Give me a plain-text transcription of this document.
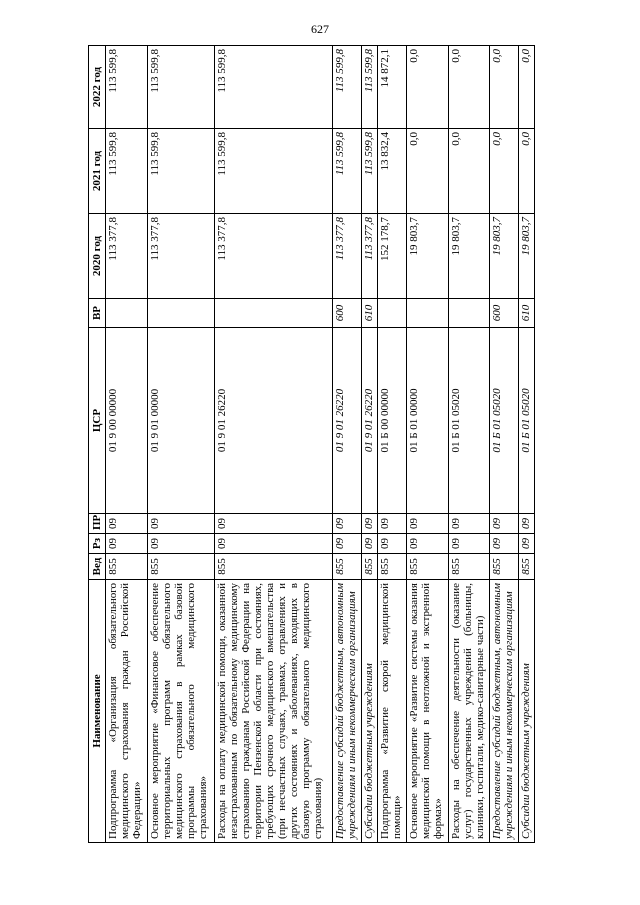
627
Наименование	Вед	Рз	ПР	ЦСР	ВР	2020 год	2021 год	2022 год
Подпрограмма «Организация обязательного медицинского страхования граждан Российской Федерации»	855	09	09	01 9 00 00000		113 377,8	113 599,8	113 599,8
Основное мероприятие «Финансовое обеспечение территориальных программ обязательного медицинского страхования в рамках базовой программы обязательного медицинского страхования»	855	09	09	01 9 01 00000		113 377,8	113 599,8	113 599,8
Расходы на оплату медицинской помощи, оказанной незастрахованным по обязательному медицинскому страхованию гражданам Российской Федерации на территории Пензенской области при состояниях, требующих срочного медицинского вмешательства (при несчастных случаях, травмах, отравлениях и других состояниях и заболеваниях, входящих в базовую программу обязательного медицинского страхования)	855	09	09	01 9 01 26220		113 377,8	113 599,8	113 599,8
Предоставление субсидий бюджетным, автономным учреждениям и иным некоммерческим организациям	855	09	09	01 9 01 26220	600	113 377,8	113 599,8	113 599,8
Субсидии бюджетным учреждениям	855	09	09	01 9 01 26220	610	113 377,8	113 599,8	113 599,8
Подпрограмма «Развитие скорой медицинской помощи»	855	09	09	01 Б 00 00000		152 178,7	13 832,4	14 872,1
Основное мероприятие «Развитие системы оказания медицинской помощи в неотложной и экстренной формах»	855	09	09	01 Б 01 00000		19 803,7	0,0	0,0
Расходы на обеспечение деятельности (оказание услуг) государственных учреждений (больницы, клиники, госпитали, медико-санитарные части)	855	09	09	01 Б 01 05020		19 803,7	0,0	0,0
Предоставление субсидий бюджетным, автономным учреждениям и иным некоммерческим организациям	855	09	09	01 Б 01 05020	600	19 803,7	0,0	0,0
Субсидии бюджетным учреждениям	855	09	09	01 Б 01 05020	610	19 803,7	0,0	0,0
